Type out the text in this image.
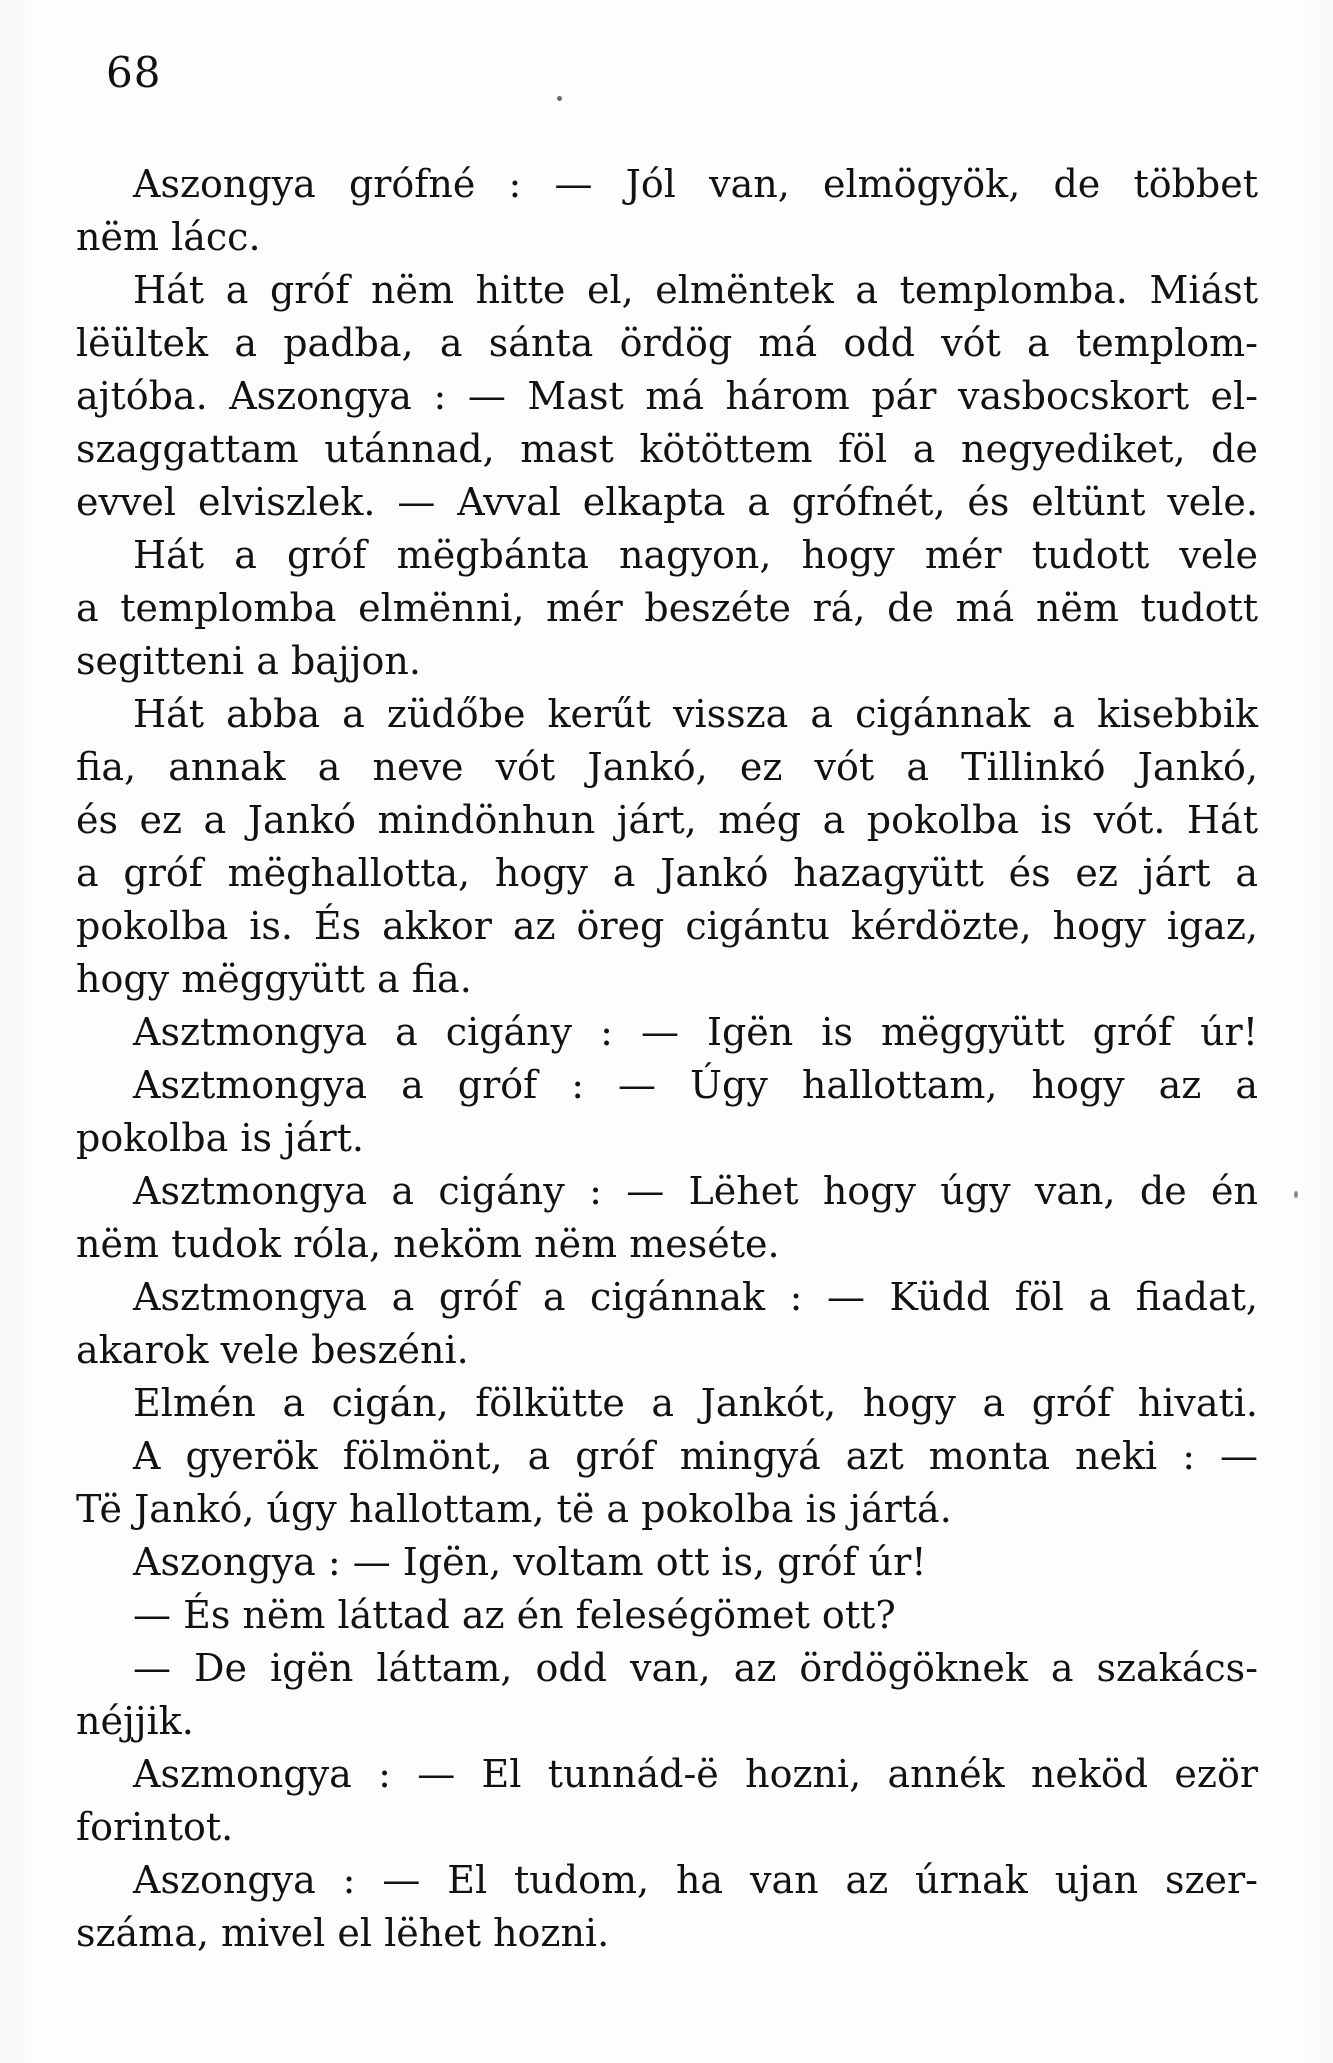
68
Aszongya grófné : — Jól van, elmögyök, de többet
nëm lácc.
Hát a gróf nëm hitte el, elmëntek a templomba. Miást
lëültek a padba, a sánta ördög má odd vót a templom-
ajtóba. Aszongya : — Mast má három pár vasbocskort el-
szaggattam utánnad, mast kötöttem föl a negyediket, de
evvel elviszlek. — Avval elkapta a grófnét, és eltünt vele.
Hát a gróf mëgbánta nagyon, hogy mér tudott vele
a templomba elmënni, mér beszéte rá, de má nëm tudott
segitteni a bajjon.
Hát abba a züdőbe kerűt vissza a cigánnak a kisebbik
fia, annak a neve vót Jankó, ez vót a Tillinkó Jankó,
és ez a Jankó mindönhun járt, még a pokolba is vót. Hát
a gróf mëghallotta, hogy a Jankó hazagyütt és ez járt a
pokolba is. És akkor az öreg cigántu kérdözte, hogy igaz,
hogy mëggyütt a fia.
Asztmongya a cigány : — Igën is mëggyütt gróf úr!
Asztmongya a gróf : — Úgy hallottam, hogy az a
pokolba is járt.
Asztmongya a cigány : — Lëhet hogy úgy van, de én
nëm tudok róla, neköm nëm meséte.
Asztmongya a gróf a cigánnak : — Küdd föl a fiadat,
akarok vele beszéni.
Elmén a cigán, fölkütte a Jankót, hogy a gróf hivati.
A gyerök fölmönt, a gróf mingyá azt monta neki : —
Të Jankó, úgy hallottam, të a pokolba is jártá.
Aszongya : — Igën, voltam ott is, gróf úr!
— És nëm láttad az én feleségömet ott?
— De igën láttam, odd van, az ördögöknek a szakács-
néjjik.
Aszmongya : — El tunnád-ë hozni, annék neköd ezör
forintot.
Aszongya : — El tudom, ha van az úrnak ujan szer-
száma, mivel el lëhet hozni.
